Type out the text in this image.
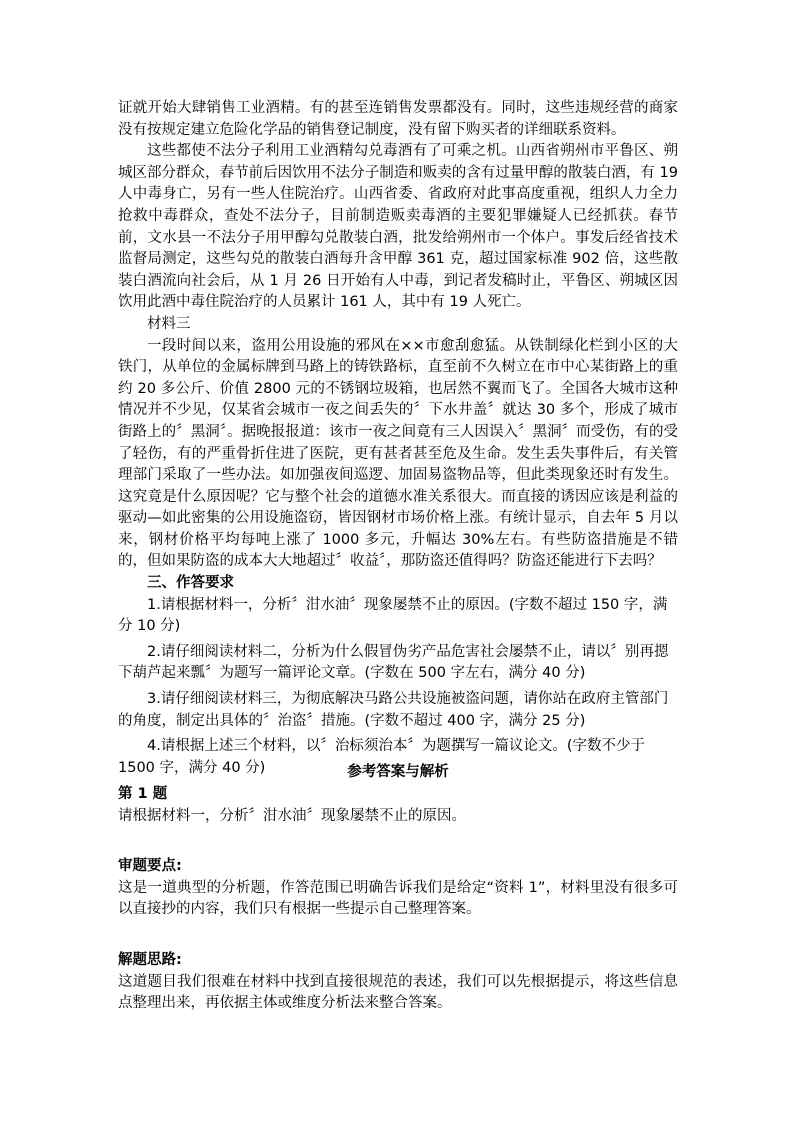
证就开始大肆销售工业酒精。有的甚至连销售发票都没有。同时，这些违规经营的商家没有按规定建立危险化学品的销售登记制度，没有留下购买者的详细联系资料。

这些都使不法分子利用工业酒精勾兑毒酒有了可乘之机。山西省朔州市平鲁区、朔城区部分群众，春节前后因饮用不法分子制造和贩卖的含有过量甲醇的散装白酒，有 19 人中毒身亡，另有一些人住院治疗。山西省委、省政府对此事高度重视，组织人力全力抢救中毒群众，查处不法分子，目前制造贩卖毒酒的主要犯罪嫌疑人已经抓获。春节前，文水县一不法分子用甲醇勾兑散装白酒，批发给朔州市一个体户。事发后经省技术监督局测定，这些勾兑的散装白酒每升含甲醇 361 克，超过国家标准 902 倍，这些散装白酒流向社会后，从 1 月 26 日开始有人中毒，到记者发稿时止，平鲁区、朔城区因饮用此酒中毒住院治疗的人员累计 161 人，其中有 19 人死亡。

材料三

一段时间以来，盗用公用设施的邪风在××市愈刮愈猛。从铁制绿化栏到小区的大铁门，从单位的金属标牌到马路上的铸铁路标，直至前不久树立在市中心某街路上的重约 20 多公斤、价值 2800 元的不锈钢垃圾箱，也居然不翼而飞了。全国各大城市这种情况并不少见，仅某省会城市一夜之间丢失的〞下水井盖〞就达 30 多个，形成了城市街路上的〞黑洞〞。据晚报报道：该市一夜之间竟有三人因误入〞黑洞〞而受伤，有的受了轻伤，有的严重骨折住进了医院，更有甚者甚至危及生命。发生丢失事件后，有关管理部门采取了一些办法。如加强夜间巡逻、加固易盗物品等，但此类现象还时有发生。这究竟是什么原因呢？它与整个社会的道德水准关系很大。而直接的诱因应该是利益的驱动—如此密集的公用设施盗窃，皆因钢材市场价格上涨。有统计显示，自去年 5 月以来，钢材价格平均每吨上涨了 1000 多元，升幅达 30%左右。有些防盗措施是不错的，但如果防盗的成本大大地超过〞收益〞，那防盗还值得吗？防盗还能进行下去吗？

三、作答要求

1.请根据材料一，分析〞泔水油〞现象屡禁不止的原因。(字数不超过 150 字，满分 10 分)

2.请仔细阅读材料二，分析为什么假冒伪劣产品危害社会屡禁不止，请以〞别再摁下葫芦起来瓢〞为题写一篇评论文章。(字数在 500 字左右，满分 40 分)

3.请仔细阅读材料三，为彻底解决马路公共设施被盗问题，请你站在政府主管部门的角度，制定出具体的〞治盗〞措施。(字数不超过 400 字，满分 25 分)

4.请根据上述三个材料，以〞治标须治本〞为题撰写一篇议论文。(字数不少于 1500 字，满分 40 分)	参考答案与解析

第 1 题

请根据材料一，分析〞泔水油〞现象屡禁不止的原因。

审题要点:

这是一道典型的分析题，作答范围已明确告诉我们是给定“资料 1”，材料里没有很多可以直接抄的内容，我们只有根据一些提示自己整理答案。

解题思路:

这道题目我们很难在材料中找到直接很规范的表述，我们可以先根据提示，将这些信息点整理出来，再依据主体或维度分析法来整合答案。
